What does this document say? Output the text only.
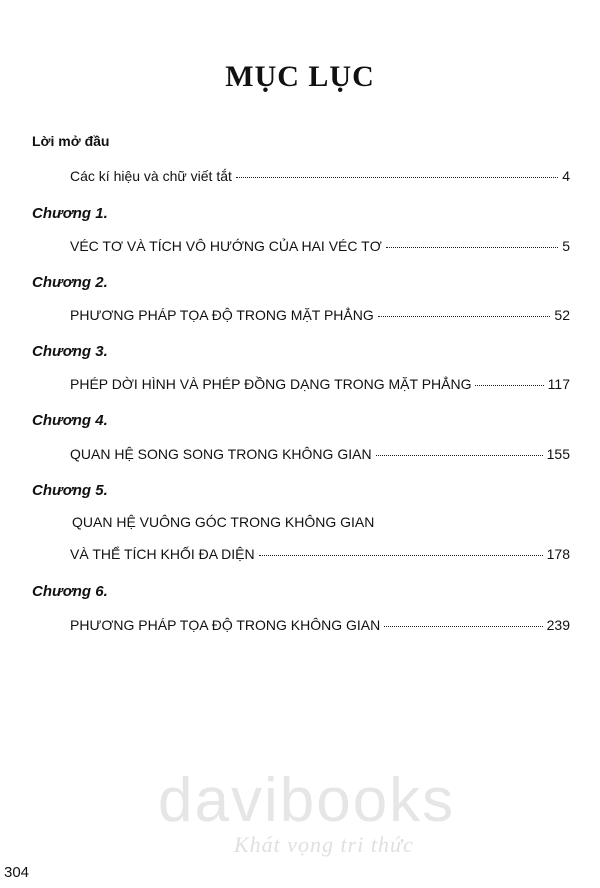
MỤC LỤC
Lời mở đầu
Các kí hiệu và chữ viết tắt	4
Chương 1.
VÉC TƠ VÀ TÍCH VÔ HƯỚNG CỦA HAI VÉC TƠ	5
Chương 2.
PHƯƠNG PHÁP TỌA ĐỘ TRONG MẶT PHẲNG	52
Chương 3.
PHÉP DỜI HÌNH VÀ PHÉP ĐỒNG DẠNG TRONG MẶT PHẲNG	117
Chương 4.
QUAN HỆ SONG SONG TRONG KHÔNG GIAN	155
Chương 5.
QUAN HỆ VUÔNG GÓC TRONG KHÔNG GIAN
VÀ THỂ TÍCH KHỐI ĐA DIỆN	178
Chương 6.
PHƯƠNG PHÁP TỌA ĐỘ TRONG KHÔNG GIAN	239
davibooks
Khát vọng tri thức
304
